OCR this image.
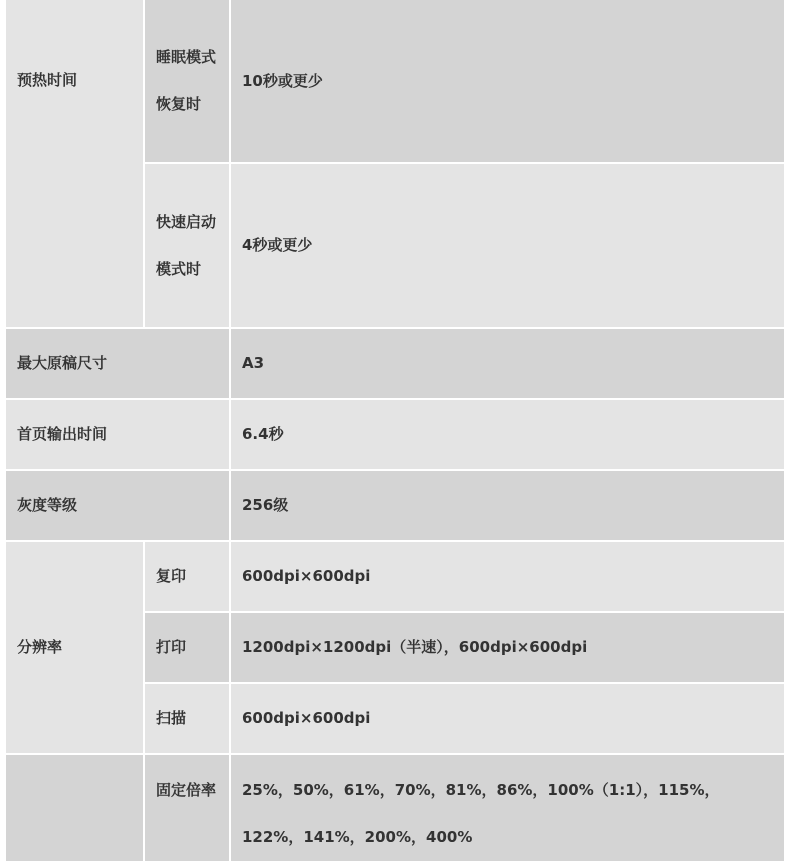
预热时间	睡眠模式恢复时	10秒或更少

	快速启动模式时	4秒或更少

最大原稿尺寸		A3
首页输出时间		6.4秒
灰度等级		256级
分辨率	复印	600dpi×600dpi
	打印	1200dpi×1200dpi（半速），600dpi×600dpi
	扫描	600dpi×600dpi

	固定倍率	25%，50%，61%，70%，81%，86%，100%（1:1），115%，122%，141%，200%，400%
